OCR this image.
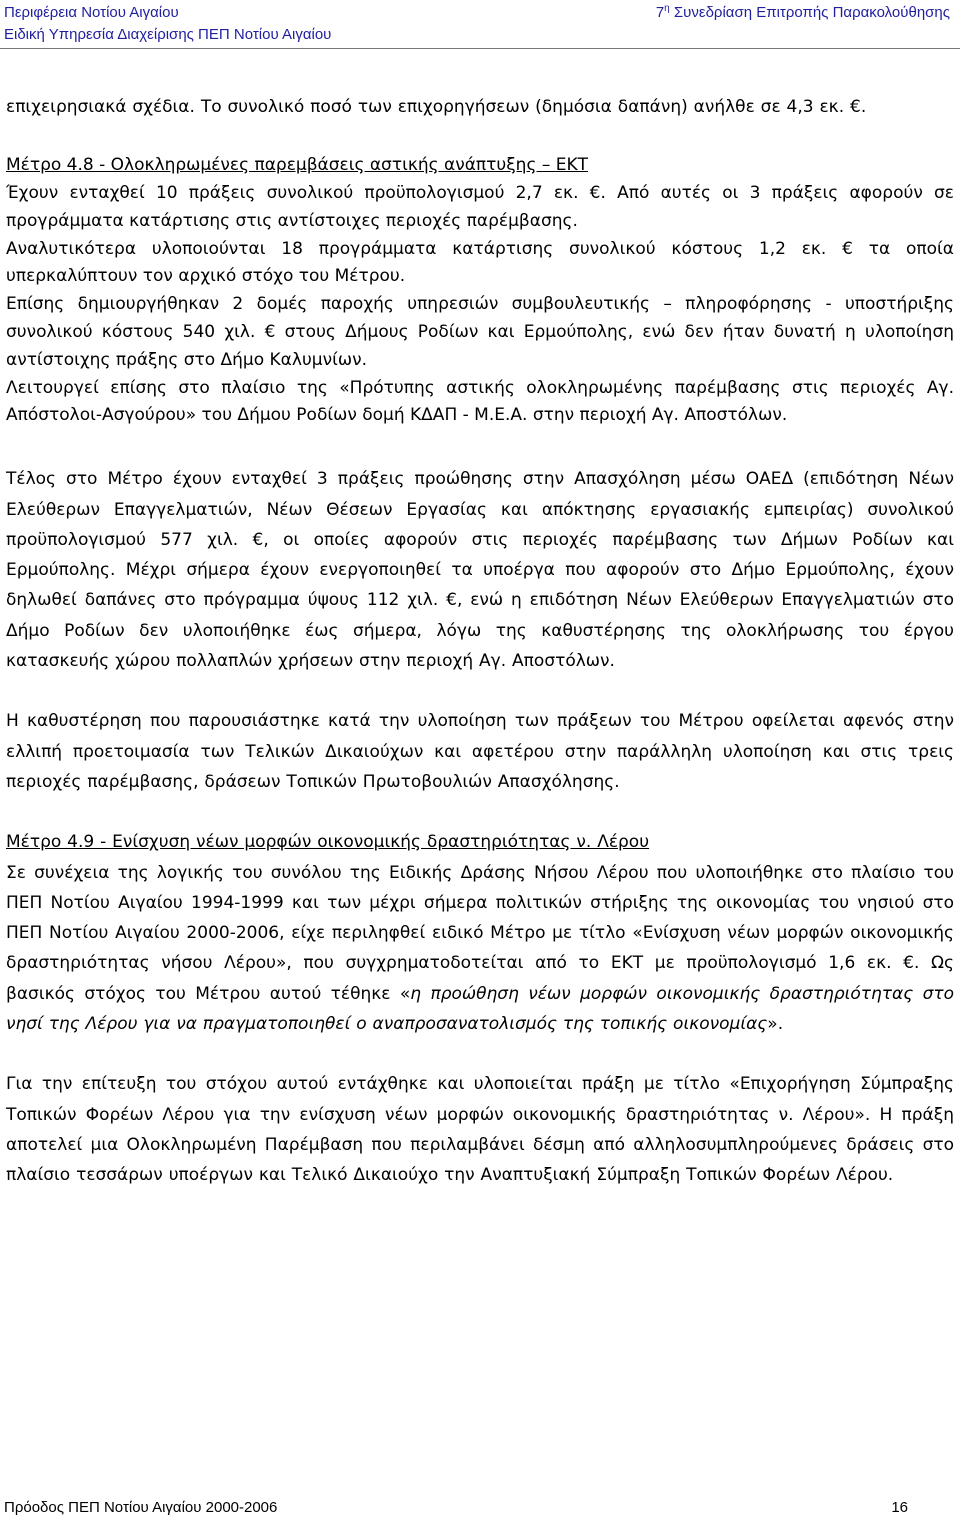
Περιφέρεια Νοτίου Αιγαίου
Ειδική Υπηρεσία Διαχείρισης ΠΕΠ Νοτίου Αιγαίου
$7^\eta$ Συνεδρίαση Επιτροπής Παρακολούθησης

επιχειρησιακά σχέδια. Το συνολικό ποσό των επιχορηγήσεων (δημόσια δαπάνη) ανήλθε σε 4,3 εκ. €.

Μέτρο 4.8 - Ολοκληρωμένες παρεμβάσεις αστικής ανάπτυξης – ΕΚΤ

Έχουν ενταχθεί 10 πράξεις συνολικού προϋπολογισμού 2,7 εκ. €. Από αυτές οι 3 πράξεις αφορούν σε προγράμματα κατάρτισης στις αντίστοιχες περιοχές παρέμβασης.

Αναλυτικότερα υλοποιούνται 18 προγράμματα κατάρτισης συνολικού κόστους 1,2 εκ. € τα οποία υπερκαλύπτουν τον αρχικό στόχο του Μέτρου.

Επίσης δημιουργήθηκαν 2 δομές παροχής υπηρεσιών συμβουλευτικής – πληροφόρησης - υποστήριξης συνολικού κόστους 540 χιλ. € στους Δήμους Ροδίων και Ερμούπολης, ενώ δεν ήταν δυνατή η υλοποίηση αντίστοιχης πράξης στο Δήμο Καλυμνίων.

Λειτουργεί επίσης στο πλαίσιο της «Πρότυπης αστικής ολοκληρωμένης παρέμβασης στις περιοχές Αγ. Απόστολοι-Ασγούρου» του Δήμου Ροδίων δομή ΚΔΑΠ - Μ.Ε.Α. στην περιοχή Αγ. Αποστόλων.

Τέλος στο Μέτρο έχουν ενταχθεί 3 πράξεις προώθησης στην Απασχόληση μέσω ΟΑΕΔ (επιδότηση Νέων Ελεύθερων Επαγγελματιών, Νέων Θέσεων Εργασίας και απόκτησης εργασιακής εμπειρίας) συνολικού προϋπολογισμού 577 χιλ. €, οι οποίες αφορούν στις περιοχές παρέμβασης των Δήμων Ροδίων και Ερμούπολης. Μέχρι σήμερα έχουν ενεργοποιηθεί τα υποέργα που αφορούν στο Δήμο Ερμούπολης, έχουν δηλωθεί δαπάνες στο πρόγραμμα ύψους 112 χιλ. €, ενώ η επιδότηση Νέων Ελεύθερων Επαγγελματιών στο Δήμο Ροδίων δεν υλοποιήθηκε έως σήμερα, λόγω της καθυστέρησης της ολοκλήρωσης του έργου κατασκευής χώρου πολλαπλών χρήσεων στην περιοχή Αγ. Αποστόλων.

Η καθυστέρηση που παρουσιάστηκε κατά την υλοποίηση των πράξεων του Μέτρου οφείλεται αφενός στην ελλιπή προετοιμασία των Τελικών Δικαιούχων και αφετέρου στην παράλληλη υλοποίηση και στις τρεις περιοχές παρέμβασης, δράσεων Τοπικών Πρωτοβουλιών Απασχόλησης.

Μέτρο 4.9 - Ενίσχυση νέων μορφών οικονομικής δραστηριότητας ν. Λέρου

Σε συνέχεια της λογικής του συνόλου της Ειδικής Δράσης Νήσου Λέρου που υλοποιήθηκε στο πλαίσιο του ΠΕΠ Νοτίου Αιγαίου 1994-1999 και των μέχρι σήμερα πολιτικών στήριξης της οικονομίας του νησιού στο ΠΕΠ Νοτίου Αιγαίου 2000-2006, είχε περιληφθεί ειδικό Μέτρο με τίτλο «Ενίσχυση νέων μορφών οικονομικής δραστηριότητας νήσου Λέρου», που συγχρηματοδοτείται από το ΕΚΤ με προϋπολογισμό 1,6 εκ. €. Ως βασικός στόχος του Μέτρου αυτού τέθηκε «η προώθηση νέων μορφών οικονομικής δραστηριότητας στο νησί της Λέρου για να πραγματοποιηθεί ο αναπροσανατολισμός της τοπικής οικονομίας».

Για την επίτευξη του στόχου αυτού εντάχθηκε και υλοποιείται πράξη με τίτλο «Επιχορήγηση Σύμπραξης Τοπικών Φορέων Λέρου για την ενίσχυση νέων μορφών οικονομικής δραστηριότητας ν. Λέρου». Η πράξη αποτελεί μια Ολοκληρωμένη Παρέμβαση που περιλαμβάνει δέσμη από αλληλοσυμπληρούμενες δράσεις στο πλαίσιο τεσσάρων υποέργων και Τελικό Δικαιούχο την Αναπτυξιακή Σύμπραξη Τοπικών Φορέων Λέρου.

Πρόοδος ΠΕΠ Νοτίου Αιγαίου 2000-2006	16
